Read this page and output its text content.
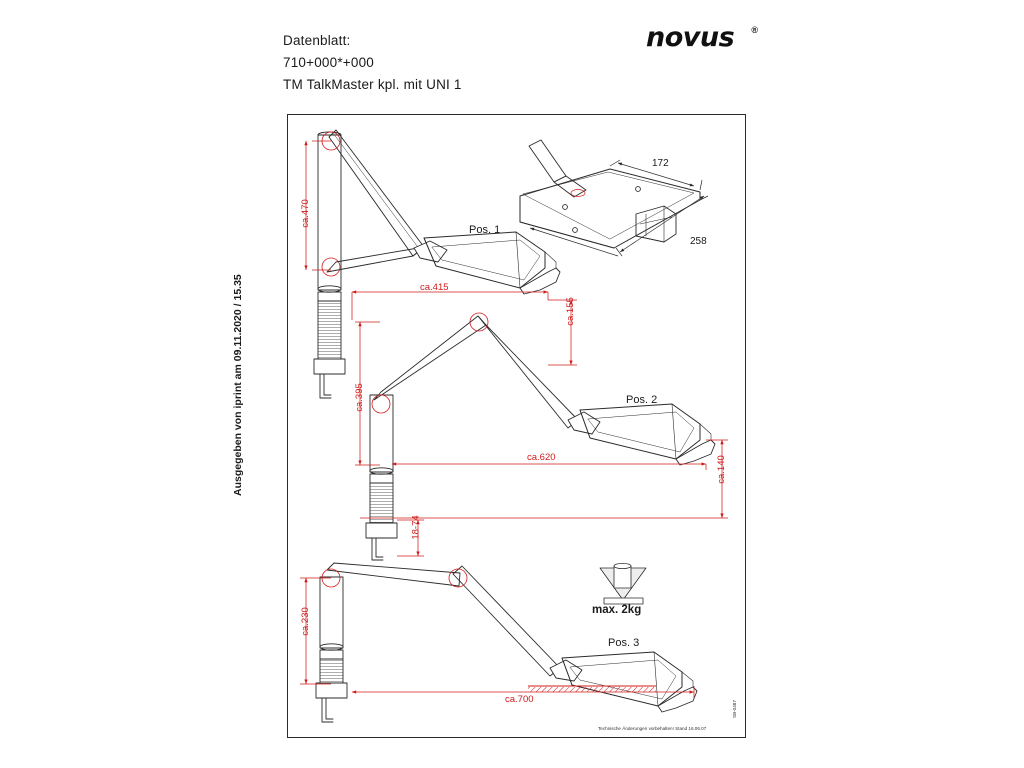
Datenblatt:
710+000*+000
TM TalkMaster kpl. mit UNI 1
novus	®
Ausgegeben von iprint am 09.11.2020 / 15.35
Pos. 1
Pos. 2
Pos. 3
max. 2kg
ca.470
ca.415
ca.155
ca.395
ca.620	ca.140
18-74
ca.230
ca.700
172
258
Technische Änderungen vorbehalten! Stand 16.06.07
SB-0487
